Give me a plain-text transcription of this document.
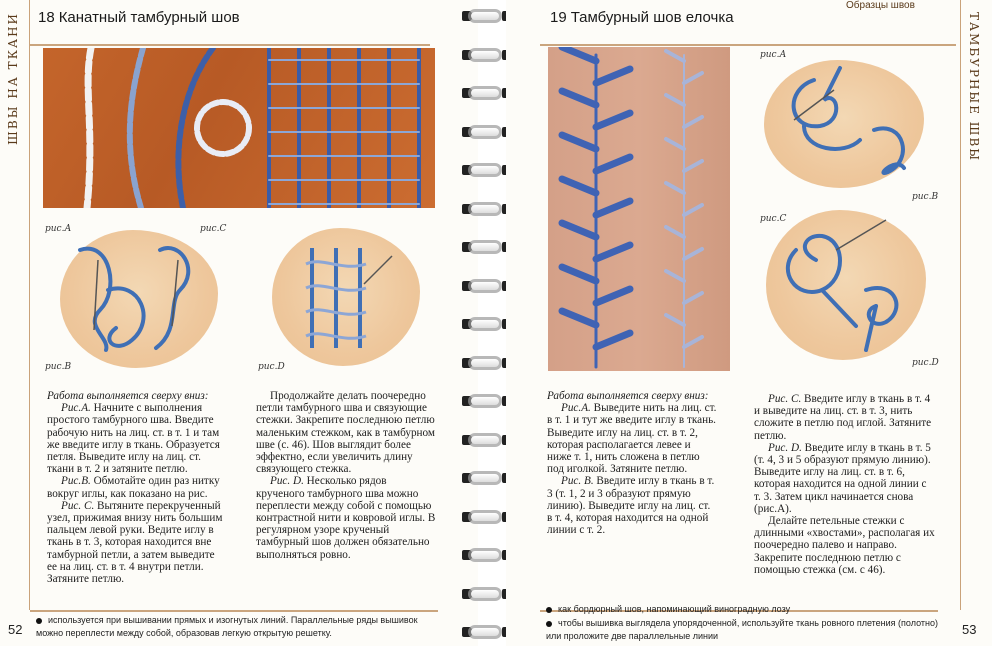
ШВЫ НА ТКАНИ 18 Канатный тамбурный шов
рис.А	рис.C
рис.B	рис.D

Работа выполняется сверху вниз:

Рис.А. Начните с выполнения простого тамбурного шва. Введите рабочую нить на лиц. ст. в т. 1 и там же введите иглу в ткань. Образуется петля. Выведите иглу на лиц. ст. ткани в т. 2 и затяните петлю.

Рис.В. Обмотайте один раз нитку вокруг иглы, как показано на рис.

Рис. С. Вытяните перекрученный узел, прижимая внизу нить большим пальцем левой руки. Ведите иглу в ткань в т. 3, которая находится вне тамбурной петли, а затем выведите ее на лиц. ст. в т. 4 внутри петли. Затяните петлю.

Продолжайте делать поочередно петли тамбурного шва и связующие стежки. Закрепите последнюю петлю маленьким стежком, как в тамбурном шве (с. 46). Шов выглядит более эффектно, если увеличить длину связующего стежка.

Рис. D. Несколько рядов крученого тамбурного шва можно переплести между собой с помощью контрастной нити и ковровой иглы. В регулярном узоре крученый тамбурный шов должен обязательно выполняться ровно.

используется при вышивании прямых и изогнутых линий. Параллельные ряды вышивок можно переплести между собой, образовав легкую открытую решетку.
52
Образцы швов
ТАМБУРНЫЕ ШВЫ
19 Тамбурный шов елочка
рис.А
рис.B
рис.C
рис.D

Работа выполняется сверху вниз:

Рис.А. Выведите нить на лиц. ст. в т. 1 и тут же введите иглу в ткань. Выведите иглу на лиц. ст. в т. 2, которая располагается левее и ниже т. 1, нить сложена в петлю под иголкой. Затяните петлю.

Рис. В. Введите иглу в ткань в т. 3 (т. 1, 2 и 3 образуют прямую линию). Выведите иглу на лиц. ст. в т. 4, которая находится на одной линии с т. 2.

Рис. С. Введите иглу в ткань в т. 4 и выведите на лиц. ст. в т. 3, нить сложите в петлю под иглой. Затяните петлю.

Рис. D. Введите иглу в ткань в т. 5 (т. 4, 3 и 5 образуют прямую линию). Выведите иглу на лиц. ст. в т. 6, которая находится на одной линии с т. 3. Затем цикл начинается снова (рис.А).

Делайте петельные стежки с длинными «хвостами», располагая их поочередно палево и направо. Закрепите последнюю петлю с помощью стежка (см. с 46).

как бордюрный шов, напоминающий виноградную лозу
чтобы вышивка выглядела упорядоченной, используйте ткань ровного плетения (полотно) или проложите две параллельные линии	53
